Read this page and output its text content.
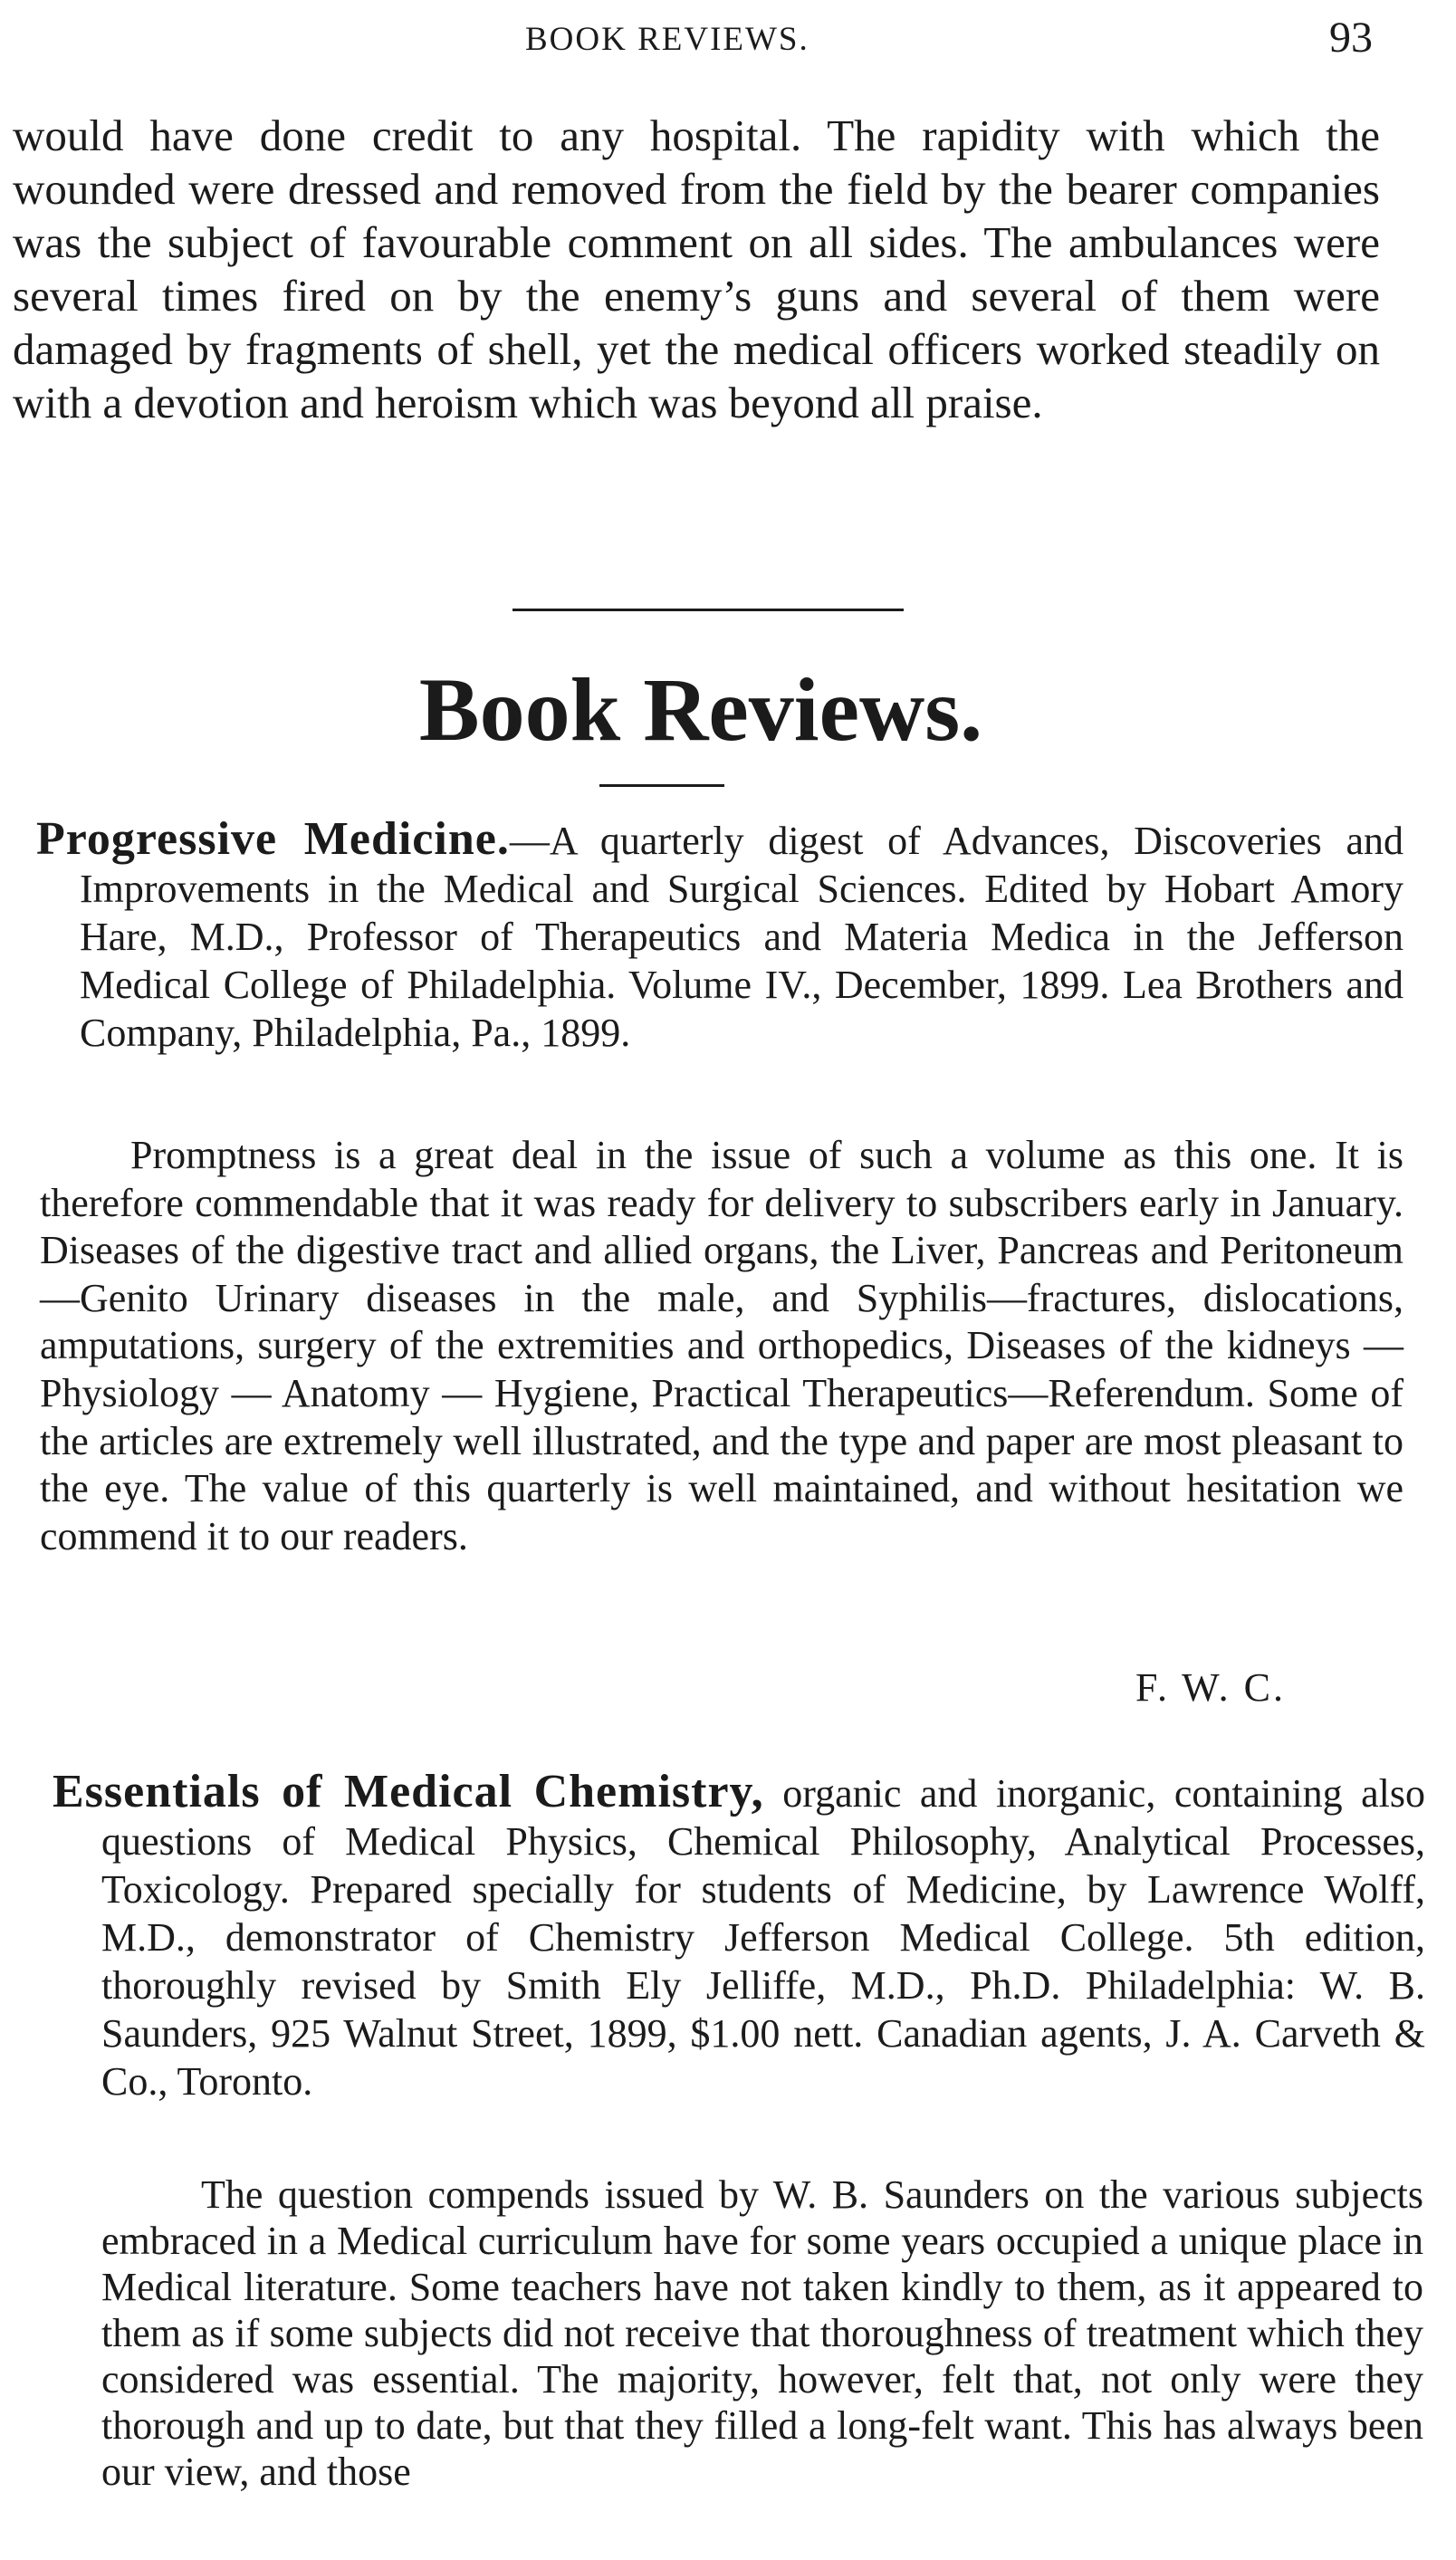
BOOK REVIEWS.	93

would have done credit to any hospital. The rapidity with which the wounded were dressed and removed from the field by the bearer companies was the subject of favourable comment on all sides. The ambulances were several times fired on by the enemy’s guns and several of them were damaged by fragments of shell, yet the medical officers worked steadily on with a devotion and heroism which was beyond all praise.

Book Reviews.

Progressive Medicine.—A quarterly digest of Advances, Discoveries and Improvements in the Medical and Surgical Sciences. Edited by Hobart Amory Hare, M.D., Professor of Therapeutics and Materia Medica in the Jefferson Medical College of Philadelphia. Volume IV., December, 1899. Lea Brothers and Company, Philadelphia, Pa., 1899.

Promptness is a great deal in the issue of such a volume as this one. It is therefore commendable that it was ready for delivery to subscribers early in January. Diseases of the digestive tract and allied organs, the Liver, Pancreas and Peritoneum—Genito Urinary diseases in the male, and Syphilis—fractures, dislocations, amputations, surgery of the extremities and orthopedics, Diseases of the kidneys — Physiology — Anatomy — Hygiene, Practical Therapeutics—Referendum. Some of the articles are extremely well illustrated, and the type and paper are most pleasant to the eye. The value of this quarterly is well maintained, and without hesitation we commend it to our readers.

F. W. C.

Essentials of Medical Chemistry, organic and inorganic, containing also questions of Medical Physics, Chemical Philosophy, Analytical Processes, Toxicology. Prepared specially for students of Medicine, by Lawrence Wolff, M.D., demonstrator of Chemistry Jefferson Medical College. 5th edition, thoroughly revised by Smith Ely Jelliffe, M.D., Ph.D. Philadelphia: W. B. Saunders, 925 Walnut Street, 1899, $1.00 nett. Canadian agents, J. A. Carveth & Co., Toronto.

The question compends issued by W. B. Saunders on the various subjects embraced in a Medical curriculum have for some years occupied a unique place in Medical literature. Some teachers have not taken kindly to them, as it appeared to them as if some subjects did not receive that thoroughness of treatment which they considered was essential. The majority, however, felt that, not only were they thorough and up to date, but that they filled a long-felt want. This has always been our view, and those
